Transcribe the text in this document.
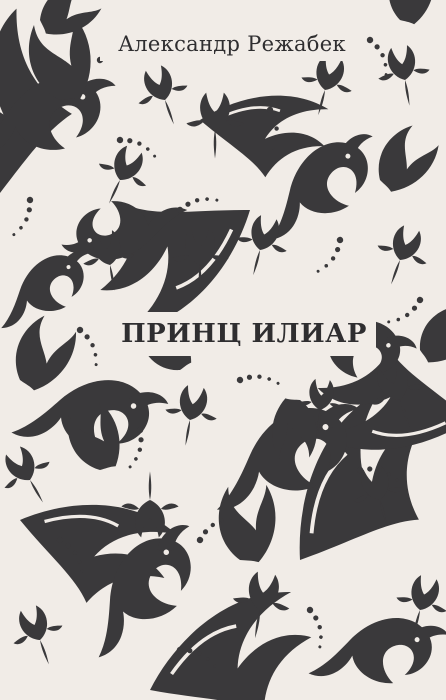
Александр Режабек
ПРИНЦ ИЛИАР
